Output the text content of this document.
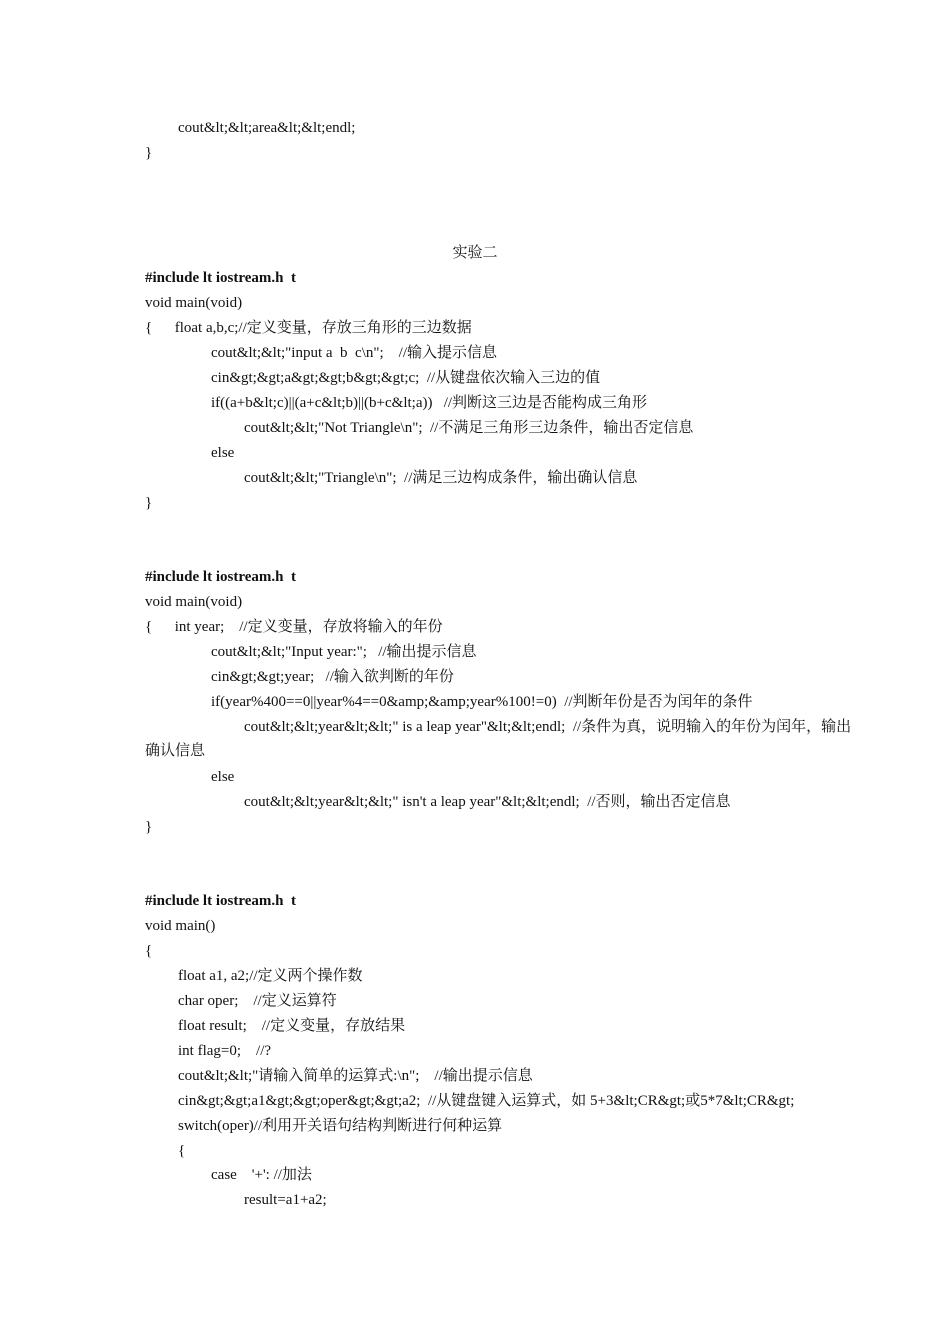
cout&lt;&lt;area&lt;&lt;endl;
}
实验二
#include lt iostream.h  t
void main(void)
{      float a,b,c;//定义变量，存放三角形的三边数据
cout&lt;&lt;"input a  b  c\n";    //输入提示信息
cin&gt;&gt;a&gt;&gt;b&gt;&gt;c;  //从键盘依次输入三边的值
if((a+b&lt;c)||(a+c&lt;b)||(b+c&lt;a))   //判断这三边是否能构成三角形
cout&lt;&lt;"Not Triangle\n";  //不满足三角形三边条件，输出否定信息
else
cout&lt;&lt;"Triangle\n";  //满足三边构成条件，输出确认信息
}
#include lt iostream.h  t
void main(void)
{      int year;    //定义变量，存放将输入的年份
cout&lt;&lt;"Input year:";   //输出提示信息
cin&gt;&gt;year;   //输入欲判断的年份
if(year%400==0||year%4==0&amp;&amp;year%100!=0)  //判断年份是否为闰年的条件
cout&lt;&lt;year&lt;&lt;" is a leap year"&lt;&lt;endl;  //条件为真，说明输入的年份为闰年，输出
确认信息
else
cout&lt;&lt;year&lt;&lt;" isn't a leap year"&lt;&lt;endl;  //否则，输出否定信息
}
#include lt iostream.h  t
void main()
{
float a1, a2;//定义两个操作数
char oper;    //定义运算符
float result;    //定义变量，存放结果
int flag=0;    //?
cout&lt;&lt;"请输入简单的运算式:\n";    //输出提示信息
cin&gt;&gt;a1&gt;&gt;oper&gt;&gt;a2;  //从键盘键入运算式，如 5+3&lt;CR&gt;或5*7&lt;CR&gt;
switch(oper)//利用开关语句结构判断进行何种运算
{
case    '+': //加法
result=a1+a2;
